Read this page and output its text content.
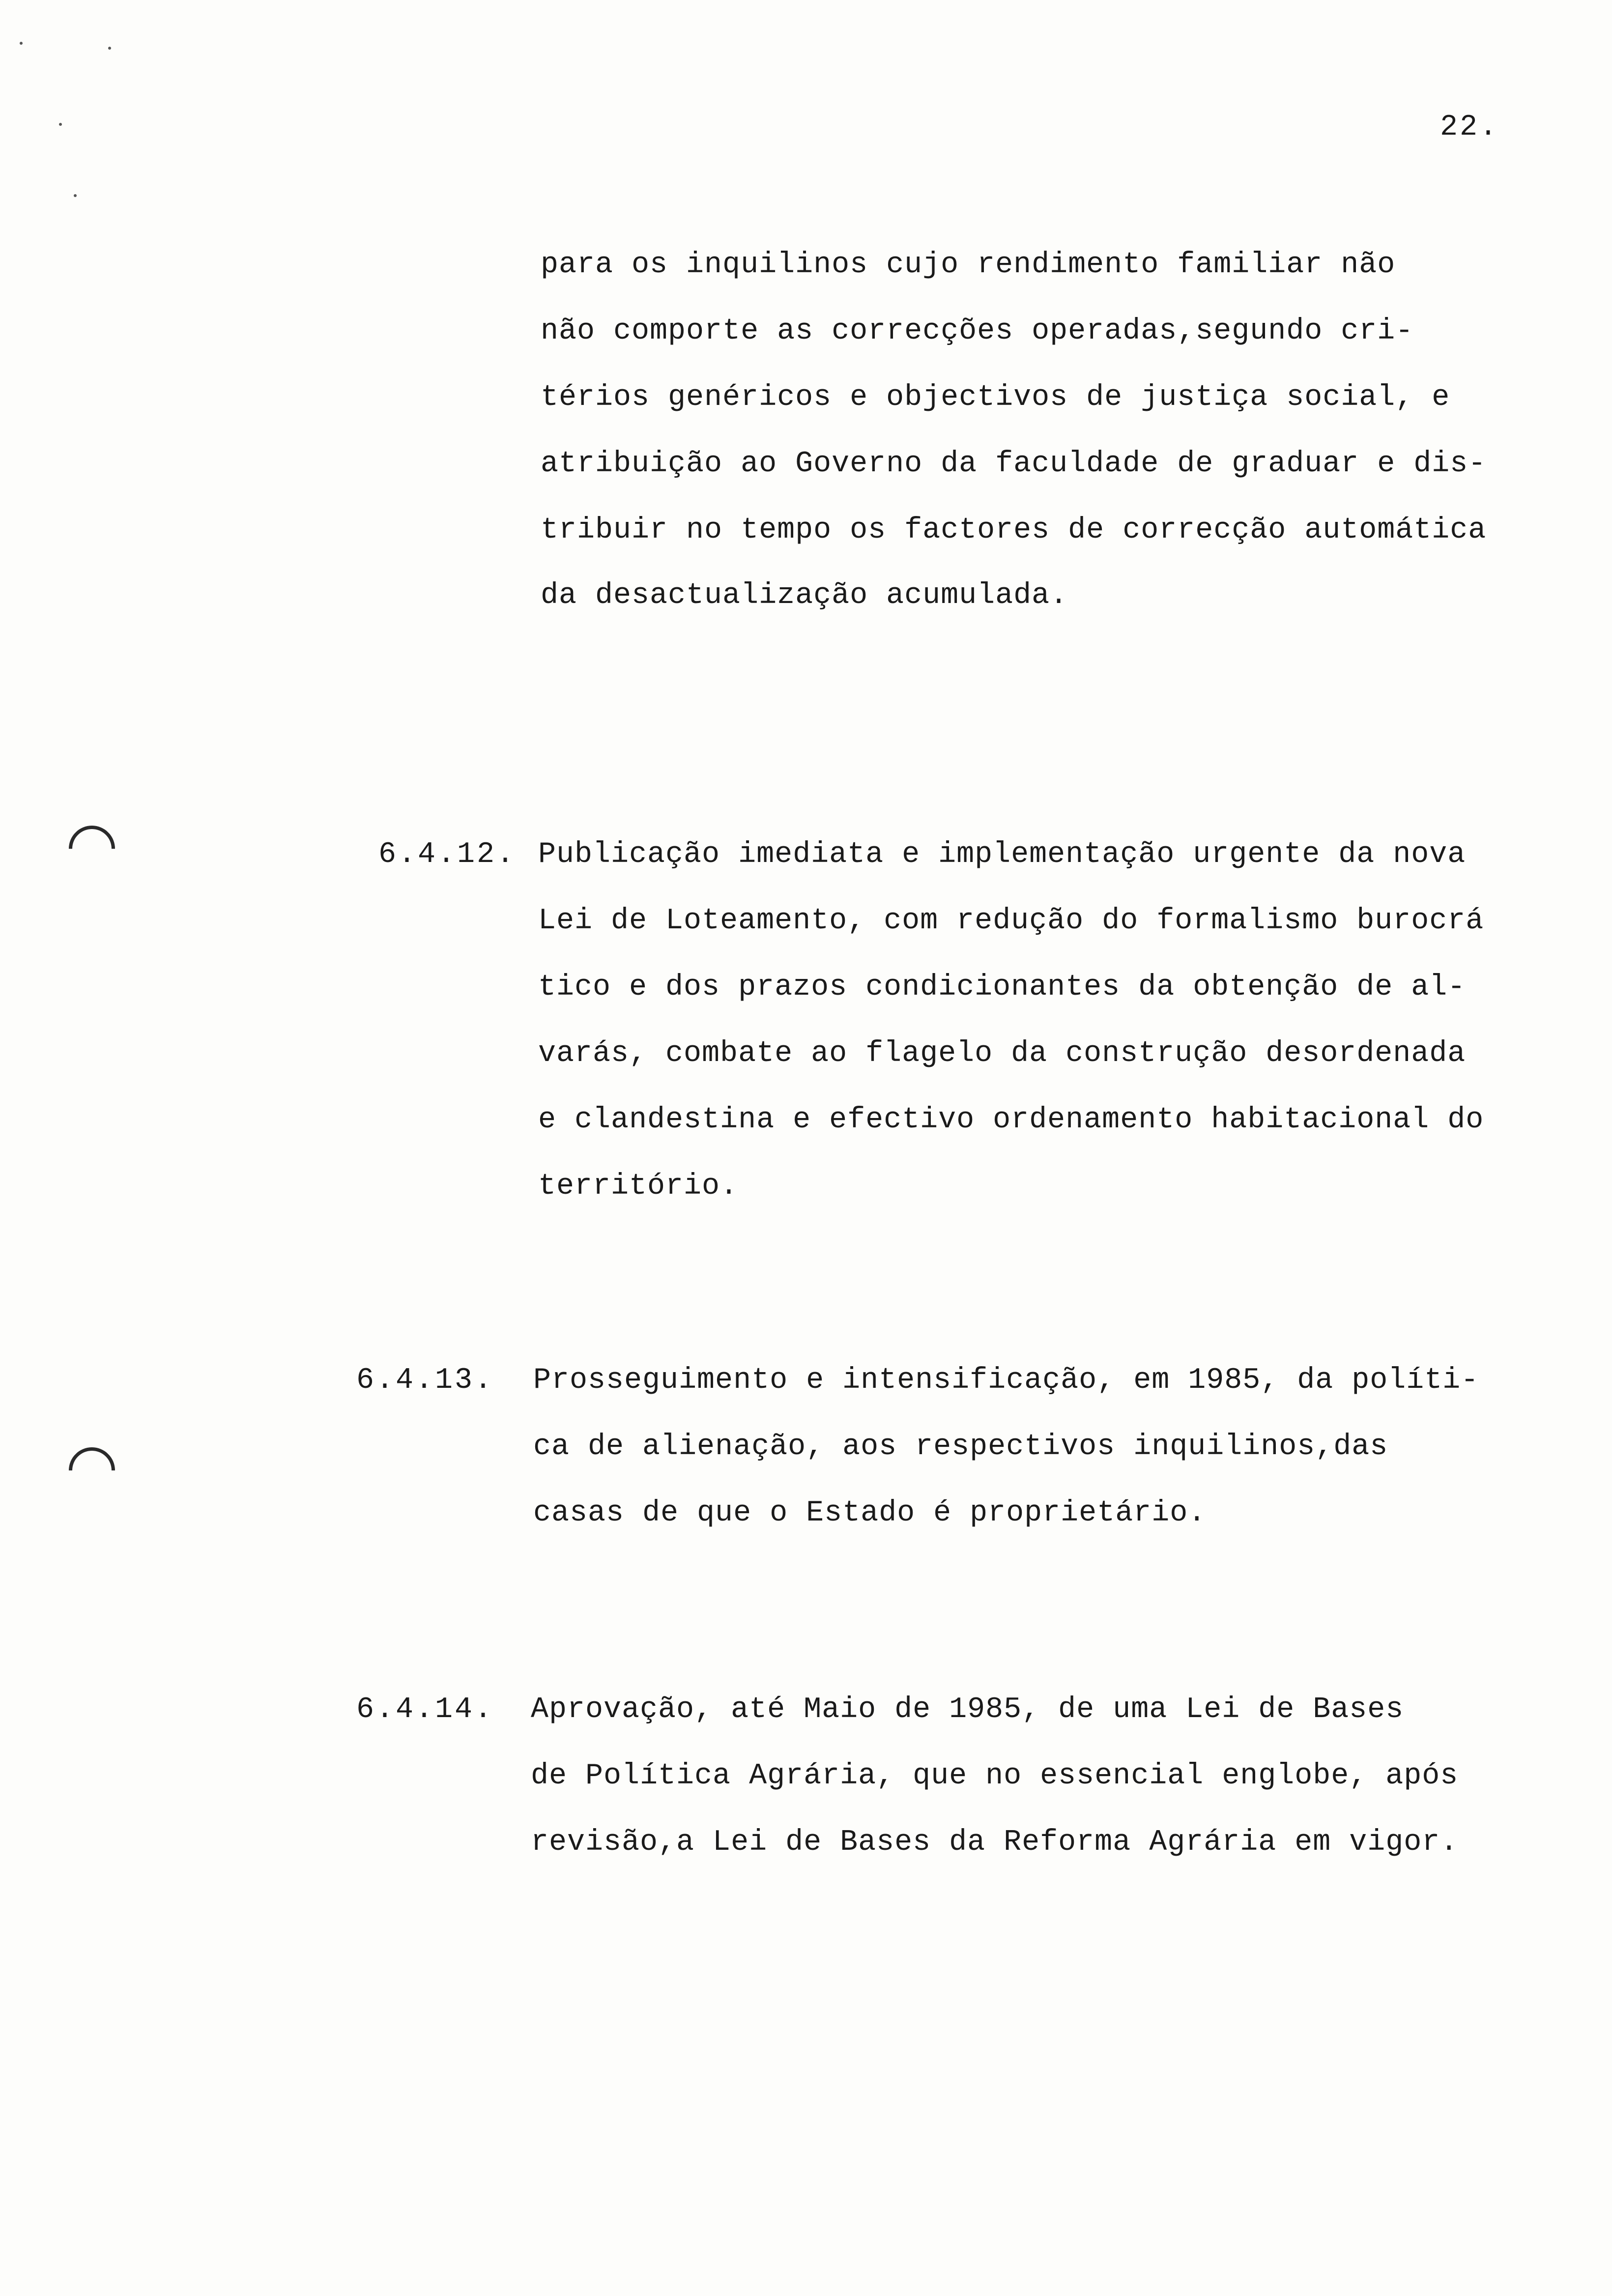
22.
para os inquilinos cujo rendimento familiar não
não comporte as correcções operadas,segundo cri-
térios genéricos e objectivos de justiça social, e
atribuição ao Governo da faculdade de graduar e dis-
tribuir no tempo os factores de correcção automática
da desactualização acumulada.
6.4.12. Publicação imediata e implementação urgente da nova
Lei de Loteamento, com redução do formalismo burocrá
tico e dos prazos condicionantes da obtenção de al-
varás, combate ao flagelo da construção desordenada
e clandestina e efectivo ordenamento habitacional do
território.
6.4.13. Prosseguimento e intensificação, em 1985, da políti-
ca de alienação, aos respectivos inquilinos,das
casas de que o Estado é proprietário.
6.4.14. Aprovação, até Maio de 1985, de uma Lei de Bases
de Política Agrária, que no essencial englobe, após
revisão,a Lei de Bases da Reforma Agrária em vigor.
